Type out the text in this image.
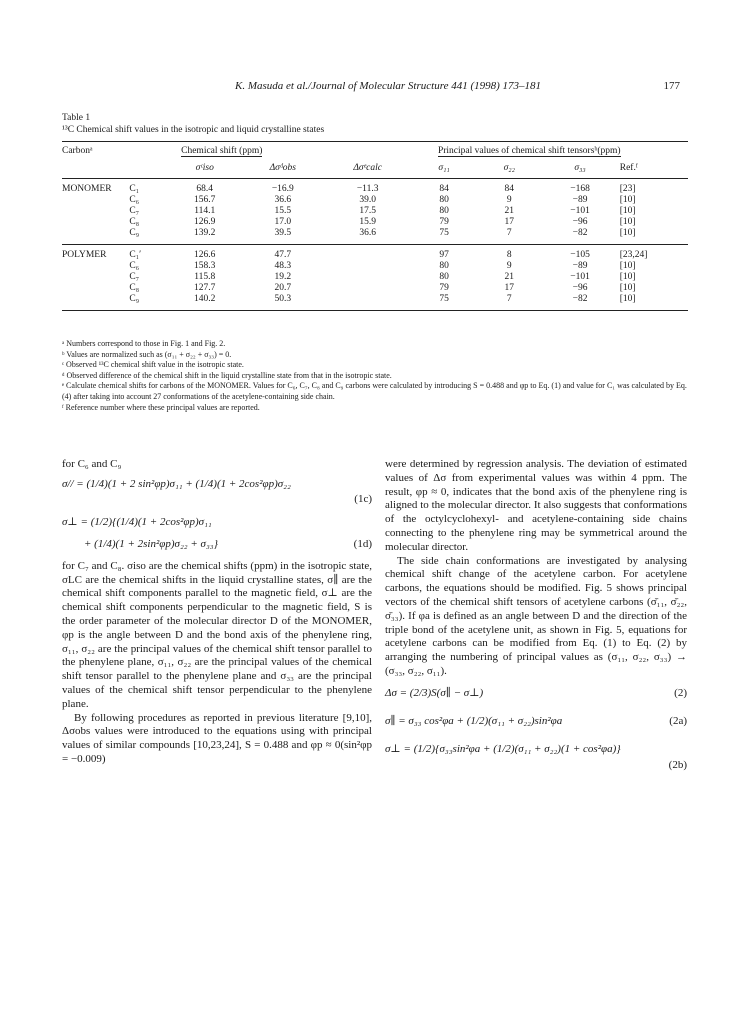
K. Masuda et al./Journal of Molecular Structure 441 (1998) 173–181	177
Table 1
¹³C Chemical shift values in the isotropic and liquid crystalline states
Carbonᵃ		Chemical shift (ppm)			Principal values of chemical shift tensorsᵇ(ppm)			
		σᶜiso	Δσᵈobs	Δσᵉcalc	σ₁₁	σ₂₂	σ₃₃	Ref.ᶠ
MONOMER	C₁	68.4	−16.9	−11.3	84	84	−168	[23]
	C₆	156.7	36.6	39.0	80	9	−89	[10]
	C₇	114.1	15.5	17.5	80	21	−101	[10]
	C₈	126.9	17.0	15.9	79	17	−96	[10]
	C₉	139.2	39.5	36.6	75	7	−82	[10]
POLYMER	C₁′	126.6	47.7		97	8	−105	[23,24]
	C₆	158.3	48.3		80	9	−89	[10]
	C₇	115.8	19.2		80	21	−101	[10]
	C₈	127.7	20.7		79	17	−96	[10]
	C₉	140.2	50.3		75	7	−82	[10]
ᵃ Numbers correspond to those in Fig. 1 and Fig. 2.
ᵇ Values are normalized such as (σ₁₁ + σ₂₂ + σ₃₃) = 0.
ᶜ Observed ¹³C chemical shift value in the isotropic state.
ᵈ Observed difference of the chemical shift in the liquid crystalline state from that in the isotropic state.
ᵉ Calculate chemical shifts for carbons of the MONOMER. Values for C₆, C₇, C₈ and C₉ carbons were calculated by introducing S = 0.488 and φp to Eq. (1) and value for C₁ was calculated by Eq. (4) after taking into account 27 conformations of the acetylene-containing side chain.
ᶠ Reference number where these principal values are reported.

for C₆ and C₉

σ// = (1/4)(1 + 2 sin²φp)σ₁₁ + (1/4)(1 + 2cos²φp)σ₂₂
(1c)
σ⊥ = (1/2){(1/4)(1 + 2cos²φp)σ₁₁
+ (1/4)(1 + 2sin²φp)σ₂₂ + σ₃₃}	(1d)

for C₇ and C₈. σiso are the chemical shifts (ppm) in the isotropic state, σLC are the chemical shifts in the liquid crystalline states, σ∥ are the chemical shift components parallel to the magnetic field, σ⊥ are the chemical shift components perpendicular to the magnetic field, S is the order parameter of the molecular director D of the MONOMER, φp is the angle between D and the bond axis of the phenylene ring, σ₁₁, σ₂₂ are the principal values of the chemical shift tensor parallel to the phenylene plane, σ₁₁, σ₂₂ are the principal values of the chemical shift tensor parallel to the phenylene plane and σ₃₃ are the principal values of the chemical shift tensor perpendicular to the phenylene plane.

By following procedures as reported in previous literature [9,10], Δσobs values were introduced to the equations using with principal values of similar compounds [10,23,24], S = 0.488 and φp ≈ 0(sin²φp = −0.009)

were determined by regression analysis. The deviation of estimated values of Δσ from experimental values was within 4 ppm. The result, φp ≈ 0, indicates that the bond axis of the phenylene ring is aligned to the molecular director. It also suggests that conformations of the octylcyclohexyl- and acetylene-containing side chains connecting to the phenylene ring may be symmetrical around the molecular director.

The side chain conformations are investigated by analysing chemical shift change of the acetylene carbon. For acetylene carbons, the equations should be modified. Fig. 5 shows principal vectors of the chemical shift tensors of acetylene carbons (σ̄₁₁, σ̄₂₂, σ̄₃₃). If φa is defined as an angle between D and the direction of the triple bond of the acetylene unit, as shown in Fig. 5, equations for acetylene carbons can be modified from Eq. (1) to Eq. (2) by arranging the numbering of principal values as (σ₁₁, σ₂₂, σ₃₃) → (σ₃₃, σ₂₂, σ₁₁).

Δσ = (2/3)S(σ∥ − σ⊥)	(2)
σ∥ = σ₃₃ cos²φa + (1/2)(σ₁₁ + σ₂₂)sin²φa	(2a)
σ⊥ = (1/2){σ₃₃sin²φa + (1/2)(σ₁₁ + σ₂₂)(1 + cos²φa)}
(2b)
